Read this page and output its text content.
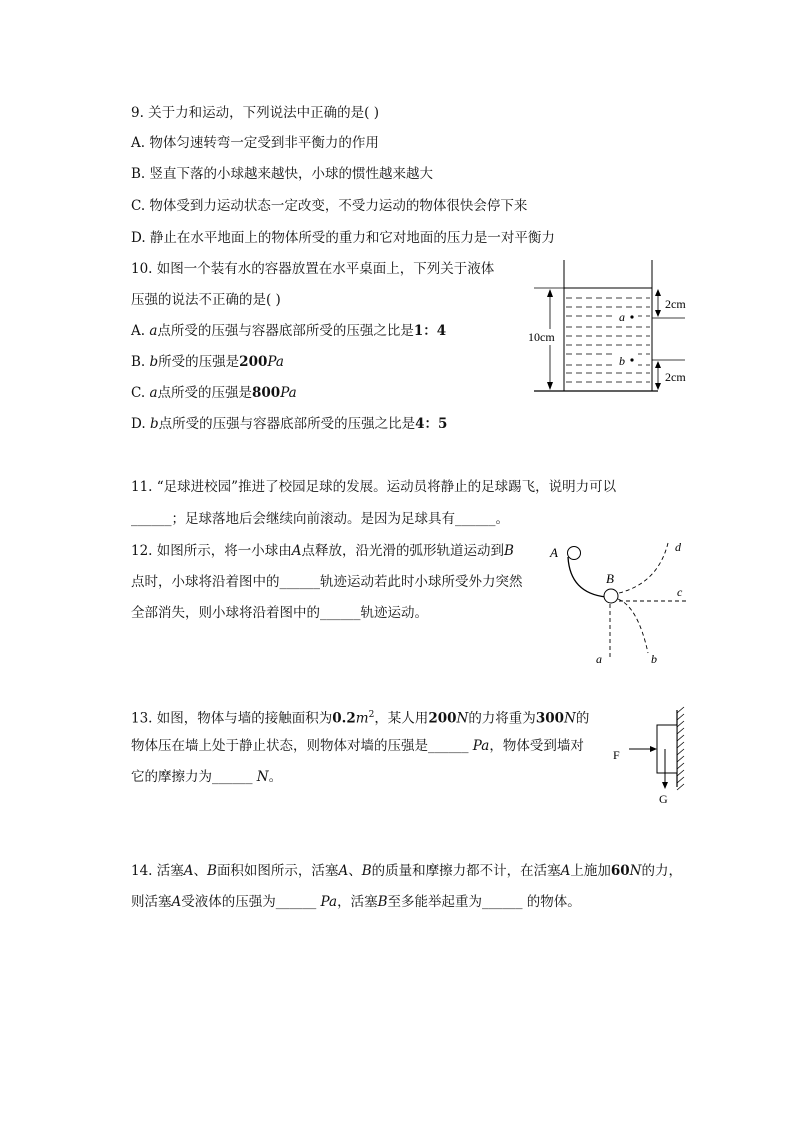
9. 关于力和运动，下列说法中正确的是( )
A. 物体匀速转弯一定受到非平衡力的作用
B. 竖直下落的小球越来越快，小球的惯性越来越大
C. 物体受到力运动状态一定改变，不受力运动的物体很快会停下来
D. 静止在水平地面上的物体所受的重力和它对地面的压力是一对平衡力
10. 如图一个装有水的容器放置在水平桌面上，下列关于液体
压强的说法不正确的是( )
A. a点所受的压强与容器底部所受的压强之比是1：4
B. b所受的压强是200Pa
C. a点所受的压强是800Pa
D. b点所受的压强与容器底部所受的压强之比是4：5
10cm
2cm
2cm
a
b
11. “足球进校园”推进了校园足球的发展。运动员将静止的足球踢飞，说明力可以
______；足球落地后会继续向前滚动。是因为足球具有______。
12. 如图所示，将一小球由A点释放，沿光滑的弧形轨道运动到B
点时，小球将沿着图中的______轨迹运动若此时小球所受外力突然
全部消失，则小球将沿着图中的______轨迹运动。
A
B
a	b
c
d
13. 如图，物体与墙的接触面积为$0.2m^2$，某人用200N的力将重为300N的
物体压在墙上处于静止状态，则物体对墙的压强是______ Pa，物体受到墙对
它的摩擦力为______ N。
F
G
14. 活塞A、B面积如图所示，活塞A、B的质量和摩擦力都不计，在活塞A上施加60N的力，
则活塞A受液体的压强为______ Pa，活塞B至多能举起重为______ 的物体。
